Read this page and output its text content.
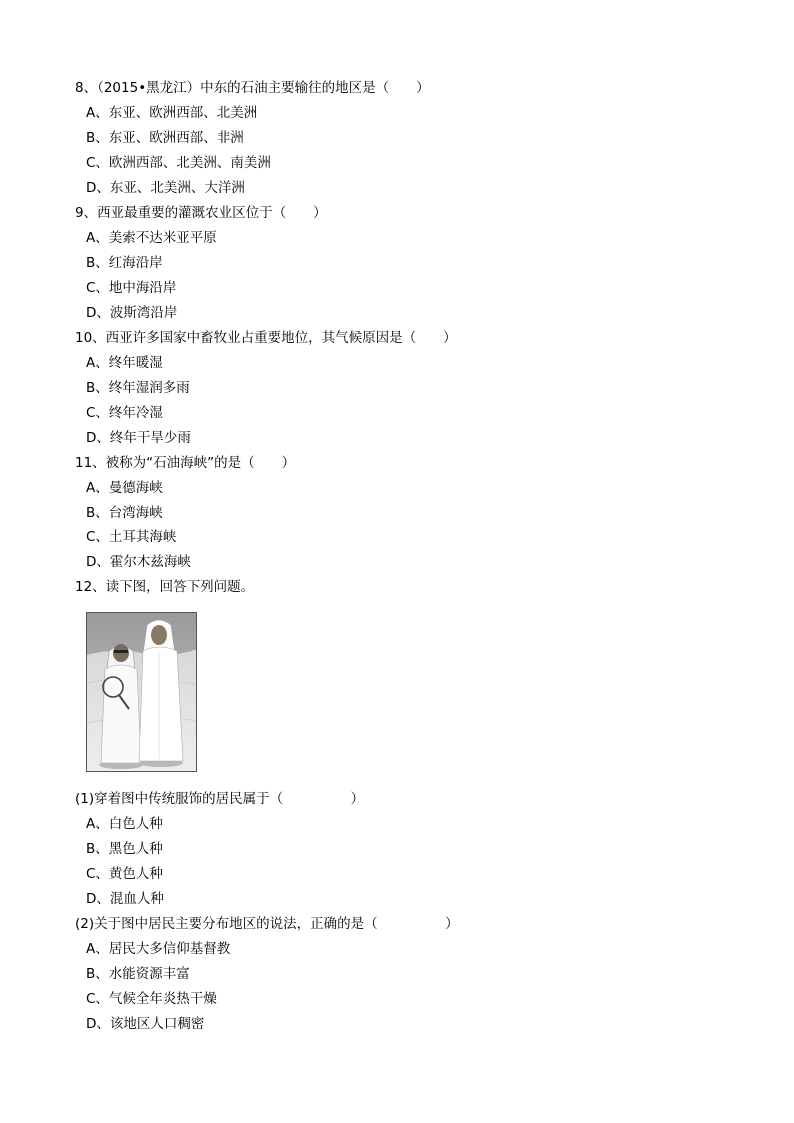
8、（2015•黑龙江）中东的石油主要输往的地区是（　　）
A、东亚、欧洲西部、北美洲
B、东亚、欧洲西部、非洲
C、欧洲西部、北美洲、南美洲
D、东亚、北美洲、大洋洲
9、西亚最重要的灌溉农业区位于（　　）
A、美索不达米亚平原
B、红海沿岸
C、地中海沿岸
D、波斯湾沿岸
10、西亚许多国家中畜牧业占重要地位，其气候原因是（　　）
A、终年暖湿
B、终年湿润多雨
C、终年冷湿
D、终年干旱少雨
11、被称为“石油海峡”的是（　　）
A、曼德海峡
B、台湾海峡
C、土耳其海峡
D、霍尔木兹海峡
12、读下图，回答下列问题。
(1)穿着图中传统服饰的居民属于（　　　　　）
A、白色人种
B、黑色人种
C、黄色人种
D、混血人种
(2)关于图中居民主要分布地区的说法，正确的是（　　　　　）
A、居民大多信仰基督教
B、水能资源丰富
C、气候全年炎热干燥
D、该地区人口稠密
